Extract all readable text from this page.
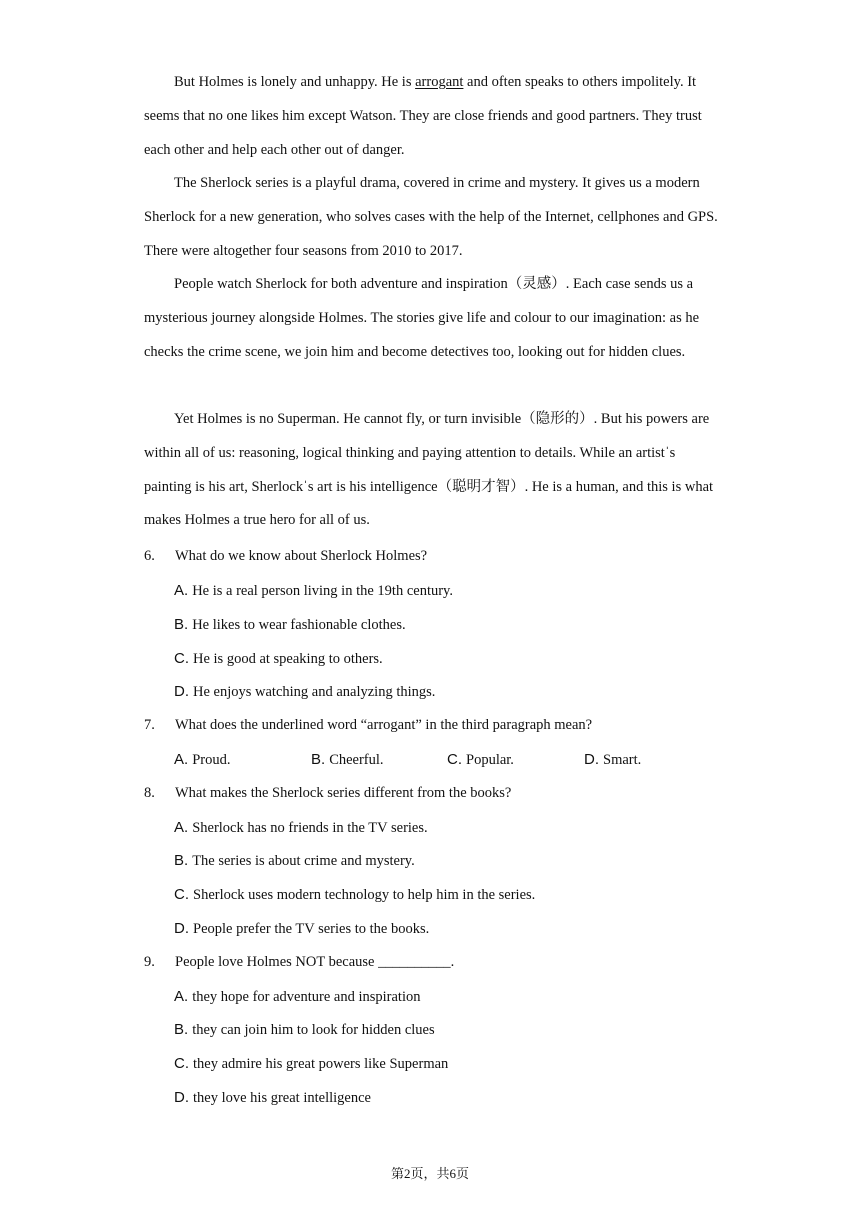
But Holmes is lonely and unhappy. He is arrogant and often speaks to others impolitely. It seems that no one likes him except Watson. They are close friends and good partners. They trust each other and help each other out of danger.

The Sherlock series is a playful drama, covered in crime and mystery. It gives us a modern Sherlock for a new generation, who solves cases with the help of the Internet, cellphones and GPS. There were altogether four seasons from 2010 to 2017.

People watch Sherlock for both adventure and inspiration（灵感）. Each case sends us a mysterious journey alongside Holmes. The stories give life and colour to our imagination: as he checks the crime scene, we join him and become detectives too, looking out for hidden clues.

Yet Holmes is no Superman. He cannot fly, or turn invisible（隐形的）. But his powers are within all of us: reasoning, logical thinking and paying attention to details. While an artistˈs painting is his art, Sherlockˈs art is his intelligence（聪明才智）. He is a human, and this is what makes Holmes a true hero for all of us.

6. What do we know about Sherlock Holmes?
A. He is a real person living in the 19th century.
B. He likes to wear fashionable clothes.
C. He is good at speaking to others.
D. He enjoys watching and analyzing things.
7. What does the underlined word “arrogant” in the third paragraph mean?
A. Proud.	B. Cheerful.	C. Popular.	D. Smart.
8. What makes the Sherlock series different from the books?
A. Sherlock has no friends in the TV series.
B. The series is about crime and mystery.
C. Sherlock uses modern technology to help him in the series.
D. People prefer the TV series to the books.
9. People love Holmes NOT because __________.
A. they hope for adventure and inspiration
B. they can join him to look for hidden clues
C. they admire his great powers like Superman
D. they love his great intelligence
第2页，共6页
